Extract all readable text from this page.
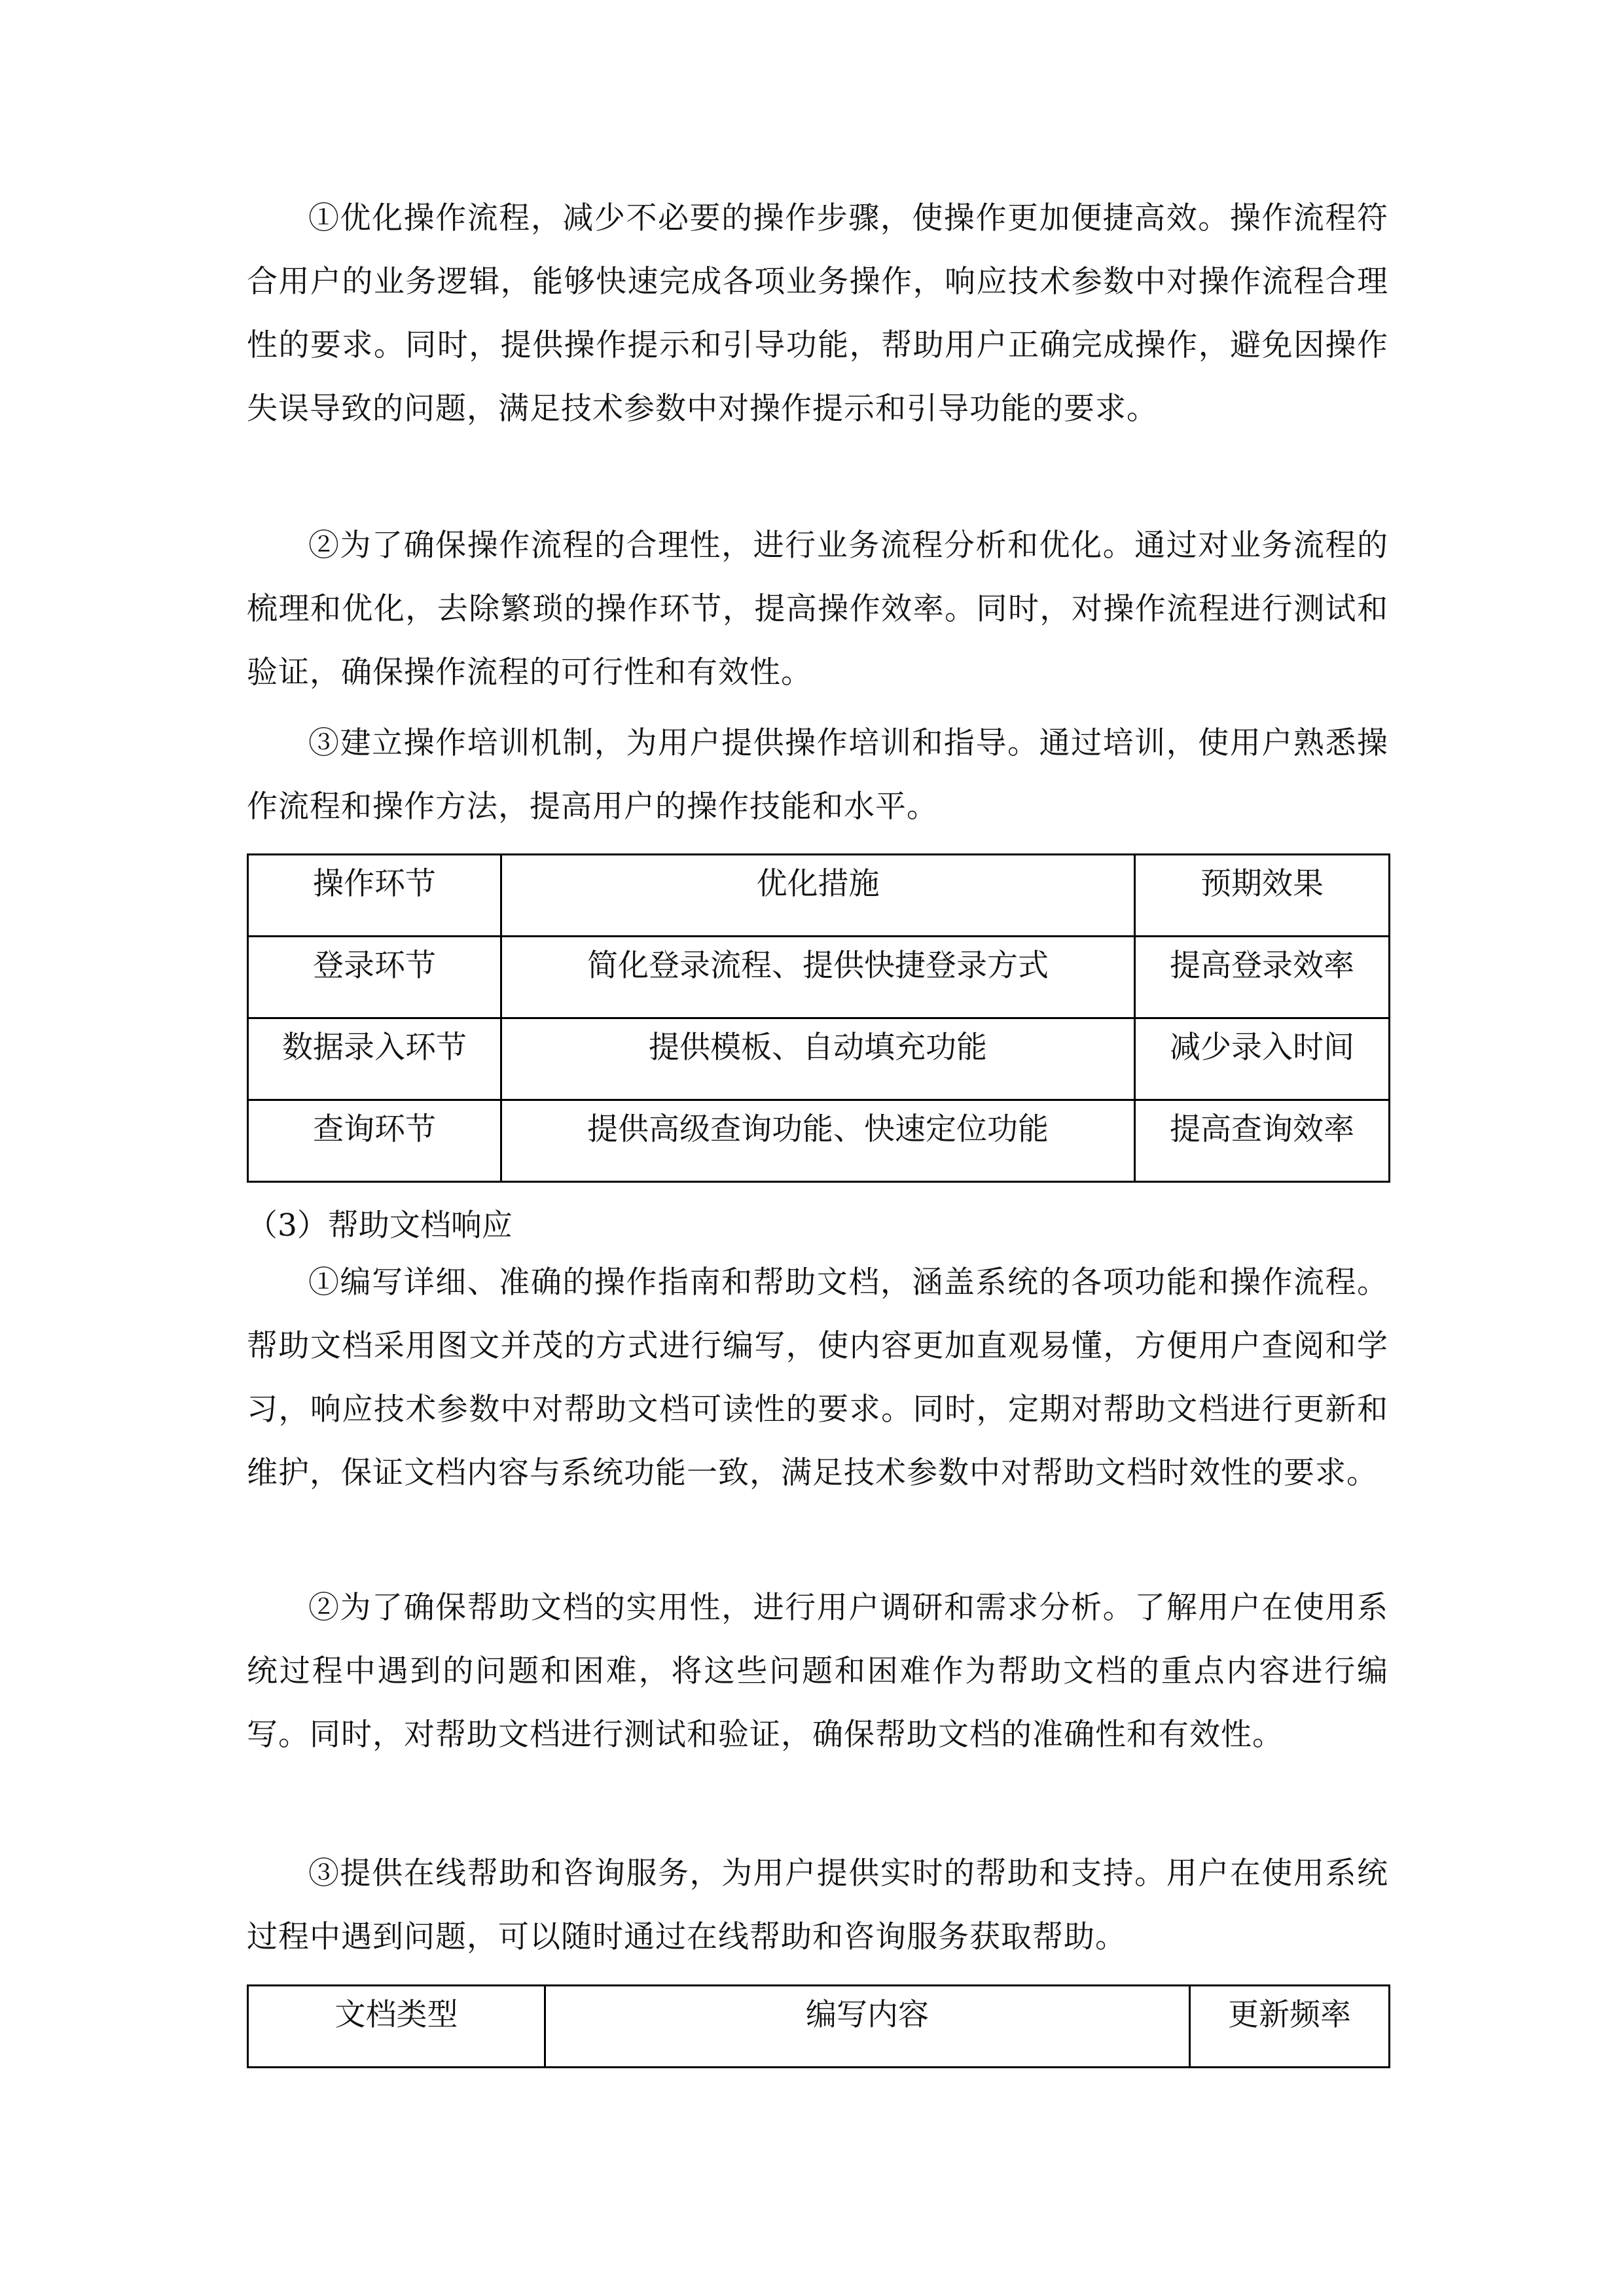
①优化操作流程，减少不必要的操作步骤，使操作更加便捷高效。操作流程符合用户的业务逻辑，能够快速完成各项业务操作，响应技术参数中对操作流程合理性的要求。同时，提供操作提示和引导功能，帮助用户正确完成操作，避免因操作失误导致的问题，满足技术参数中对操作提示和引导功能的要求。

②为了确保操作流程的合理性，进行业务流程分析和优化。通过对业务流程的梳理和优化，去除繁琐的操作环节，提高操作效率。同时，对操作流程进行测试和验证，确保操作流程的可行性和有效性。

③建立操作培训机制，为用户提供操作培训和指导。通过培训，使用户熟悉操作流程和操作方法，提高用户的操作技能和水平。

操作环节	优化措施	预期效果
登录环节	简化登录流程、提供快捷登录方式	提高登录效率
数据录入环节	提供模板、自动填充功能	减少录入时间
查询环节	提供高级查询功能、快速定位功能	提高查询效率

（3）帮助文档响应

①编写详细、准确的操作指南和帮助文档，涵盖系统的各项功能和操作流程。帮助文档采用图文并茂的方式进行编写，使内容更加直观易懂，方便用户查阅和学习，响应技术参数中对帮助文档可读性的要求。同时，定期对帮助文档进行更新和维护，保证文档内容与系统功能一致，满足技术参数中对帮助文档时效性的要求。

②为了确保帮助文档的实用性，进行用户调研和需求分析。了解用户在使用系统过程中遇到的问题和困难，将这些问题和困难作为帮助文档的重点内容进行编写。同时，对帮助文档进行测试和验证，确保帮助文档的准确性和有效性。

③提供在线帮助和咨询服务，为用户提供实时的帮助和支持。用户在使用系统过程中遇到问题，可以随时通过在线帮助和咨询服务获取帮助。

文档类型	编写内容	更新频率
